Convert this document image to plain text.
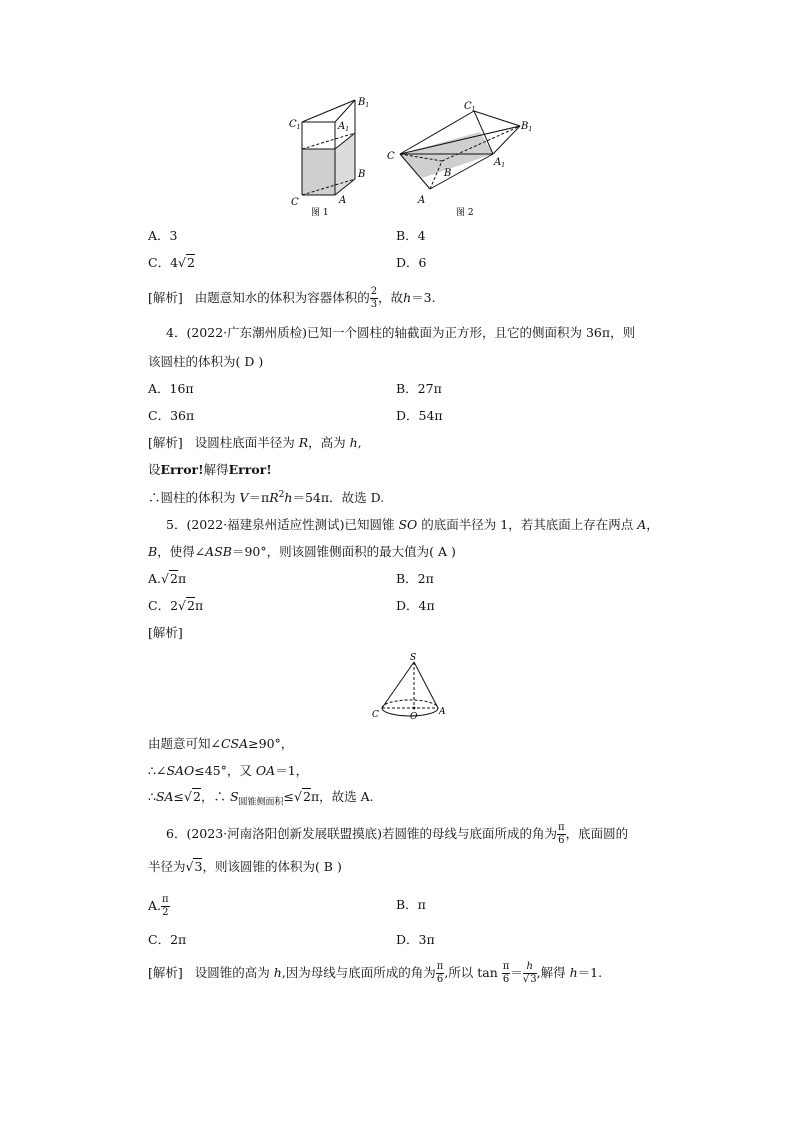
$C_1$	$A_1$
$B_1$
C	A
B
图 1
$C_1$
$B_1$
$A_1$
C
B
A
图 2
A．3	B．4
C．4√2	D．6
[解析] 由题意知水的体积为容器体积的 $\frac{2}{3}$ ，故h＝3.
4．(2022·广东潮州质检)已知一个圆柱的轴截面为正方形，且它的侧面积为 36π，则
该圆柱的体积为( D )
A．16π	B．27π
C．36π	D．54π
[解析] 设圆柱底面半径为 R，高为 h,
设Error!解得Error!
∴圆柱的体积为 $V=\pi R^2h=54\pi$．故选 D.
5．(2022·福建泉州适应性测试)已知圆锥 SO 的底面半径为 1，若其底面上存在两点 A，
B，使得∠ASB＝90°，则该圆锥侧面积的最大值为( A )
A.√2π	B．2π
C．2√2π	D．4π
[解析]
S
C	O A
由题意可知∠CSA≥90°，
∴∠SAO≤45°，又 OA＝1，
∴SA≤√2，∴ $S_{圆锥侧面积}\le√2\pi$，故选 A.
6．(2023·河南洛阳创新发展联盟摸底)若圆锥的母线与底面所成的角为 $\frac{\pi}{6}$ ，底面圆的
半径为√3，则该圆锥的体积为( B )
A. $\frac{\pi}{2}$	B．π
C．2π	D．3π
[解析] 设圆锥的高为 h,因为母线与底面所成的角为 $\frac{\pi}{6}$ ,所以 $\tan \frac{\pi}{6} = \frac{h}{√3}$ ,解得 h＝1.
